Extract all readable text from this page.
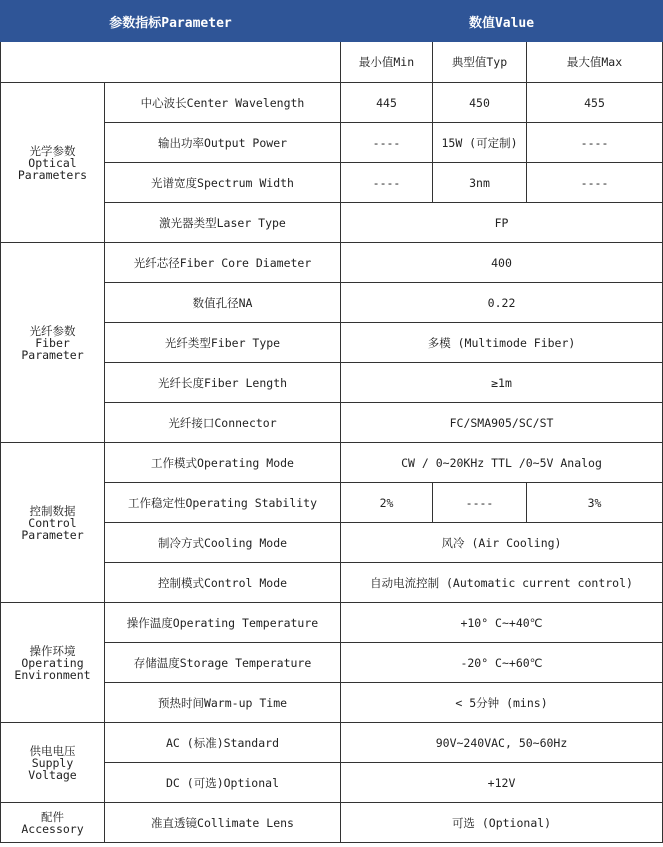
参数指标Parameter		数值Value		
		最小值Min	典型值Typ	最大值Max

光学参数
Optical
Parameters	中心波长Center Wavelength	445	450	455
	输出功率Output Power	----	15W (可定制)	----
	光谱宽度Spectrum Width	----	3nm	----
	激光器类型Laser Type	FP		

光纤参数
Fiber
Parameter	光纤芯径Fiber Core Diameter	400		
	数值孔径NA	0.22		
	光纤类型Fiber Type	多模 (Multimode Fiber)		
	光纤长度Fiber Length	≥1m		
	光纤接口Connector	FC/SMA905/SC/ST		

控制数据
Control
Parameter	工作模式Operating Mode	CW / 0~20KHz TTL /0~5V Analog		
	工作稳定性Operating Stability	2%	----	3%
	制冷方式Cooling Mode	风冷 (Air Cooling)		
	控制模式Control Mode	自动电流控制 (Automatic current control)		

操作环境
Operating
Environment	操作温度Operating Temperature	+10° C~+40℃		
	存储温度Storage Temperature	-20° C~+60℃		
	预热时间Warm-up Time	< 5分钟 (mins)		

供电电压
Supply
Voltage	AC (标准)Standard	90V~240VAC, 50~60Hz		
	DC (可选)Optional	+12V		

配件
Accessory	准直透镜Collimate Lens	可选 (Optional)		
